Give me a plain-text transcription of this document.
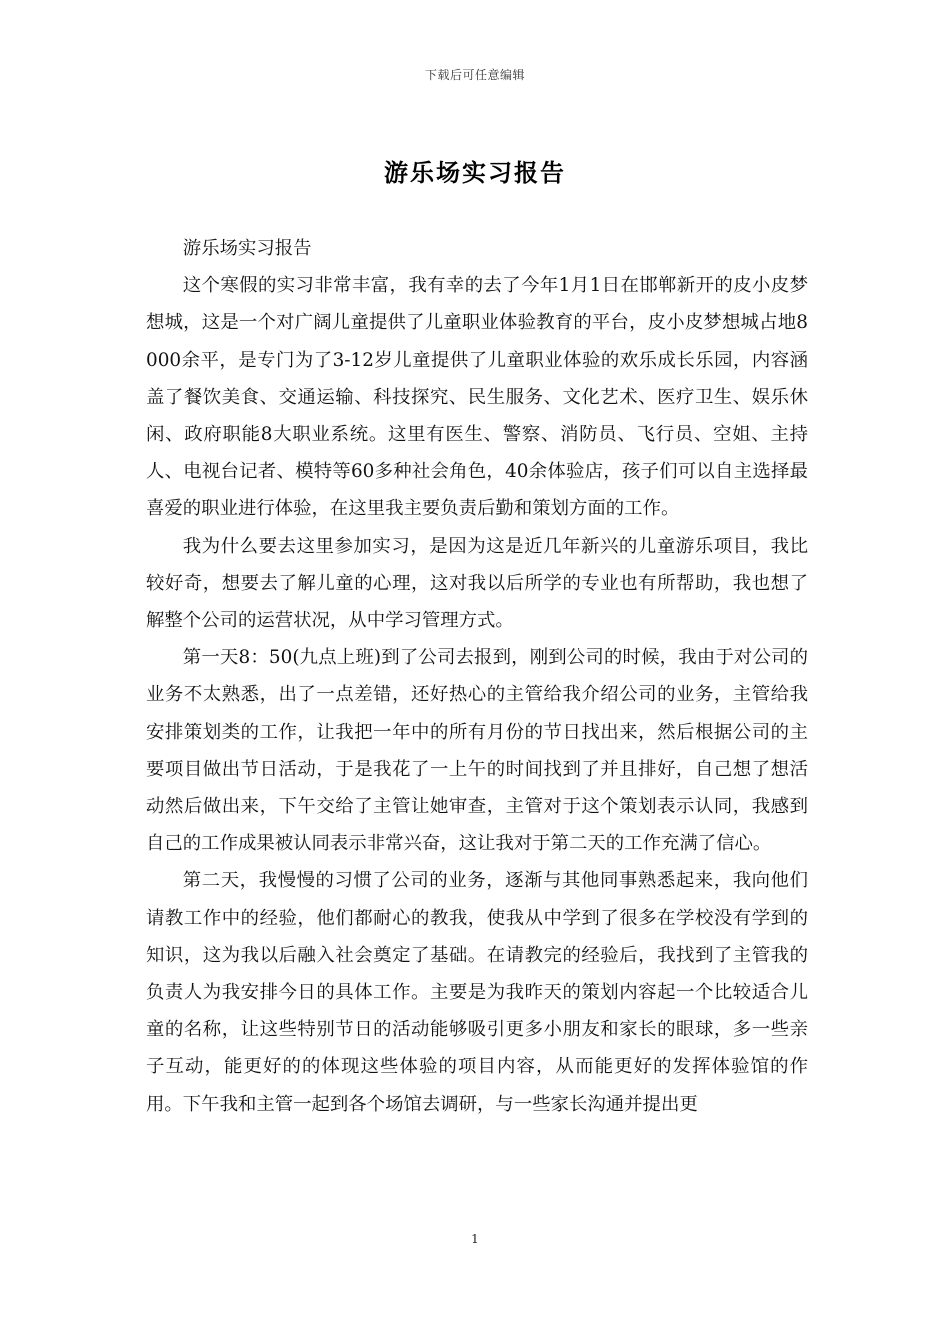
下载后可任意编辑
游乐场实习报告

游乐场实习报告

这个寒假的实习非常丰富，我有幸的去了今年1月1日在邯郸新开的皮小皮梦想城，这是一个对广阔儿童提供了儿童职业体验教育的平台，皮小皮梦想城占地8000余平，是专门为了3-12岁儿童提供了儿童职业体验的欢乐成长乐园，内容涵盖了餐饮美食、交通运输、科技探究、民生服务、文化艺术、医疗卫生、娱乐休闲、政府职能8大职业系统。这里有医生、警察、消防员、飞行员、空姐、主持人、电视台记者、模特等60多种社会角色，40余体验店，孩子们可以自主选择最喜爱的职业进行体验，在这里我主要负责后勤和策划方面的工作。

我为什么要去这里参加实习，是因为这是近几年新兴的儿童游乐项目，我比较好奇，想要去了解儿童的心理，这对我以后所学的专业也有所帮助，我也想了解整个公司的运营状况，从中学习管理方式。

第一天8：50(九点上班)到了公司去报到，刚到公司的时候，我由于对公司的业务不太熟悉，出了一点差错，还好热心的主管给我介绍公司的业务，主管给我安排策划类的工作，让我把一年中的所有月份的节日找出来，然后根据公司的主要项目做出节日活动，于是我花了一上午的时间找到了并且排好，自己想了想活动然后做出来，下午交给了主管让她审查，主管对于这个策划表示认同，我感到自己的工作成果被认同表示非常兴奋，这让我对于第二天的工作充满了信心。

第二天，我慢慢的习惯了公司的业务，逐渐与其他同事熟悉起来，我向他们请教工作中的经验，他们都耐心的教我，使我从中学到了很多在学校没有学到的知识，这为我以后融入社会奠定了基础。在请教完的经验后，我找到了主管我的负责人为我安排今日的具体工作。主要是为我昨天的策划内容起一个比较适合儿童的名称，让这些特别节日的活动能够吸引更多小朋友和家长的眼球，多一些亲子互动，能更好的的体现这些体验的项目内容，从而能更好的发挥体验馆的作用。下午我和主管一起到各个场馆去调研，与一些家长沟通并提出更

1
